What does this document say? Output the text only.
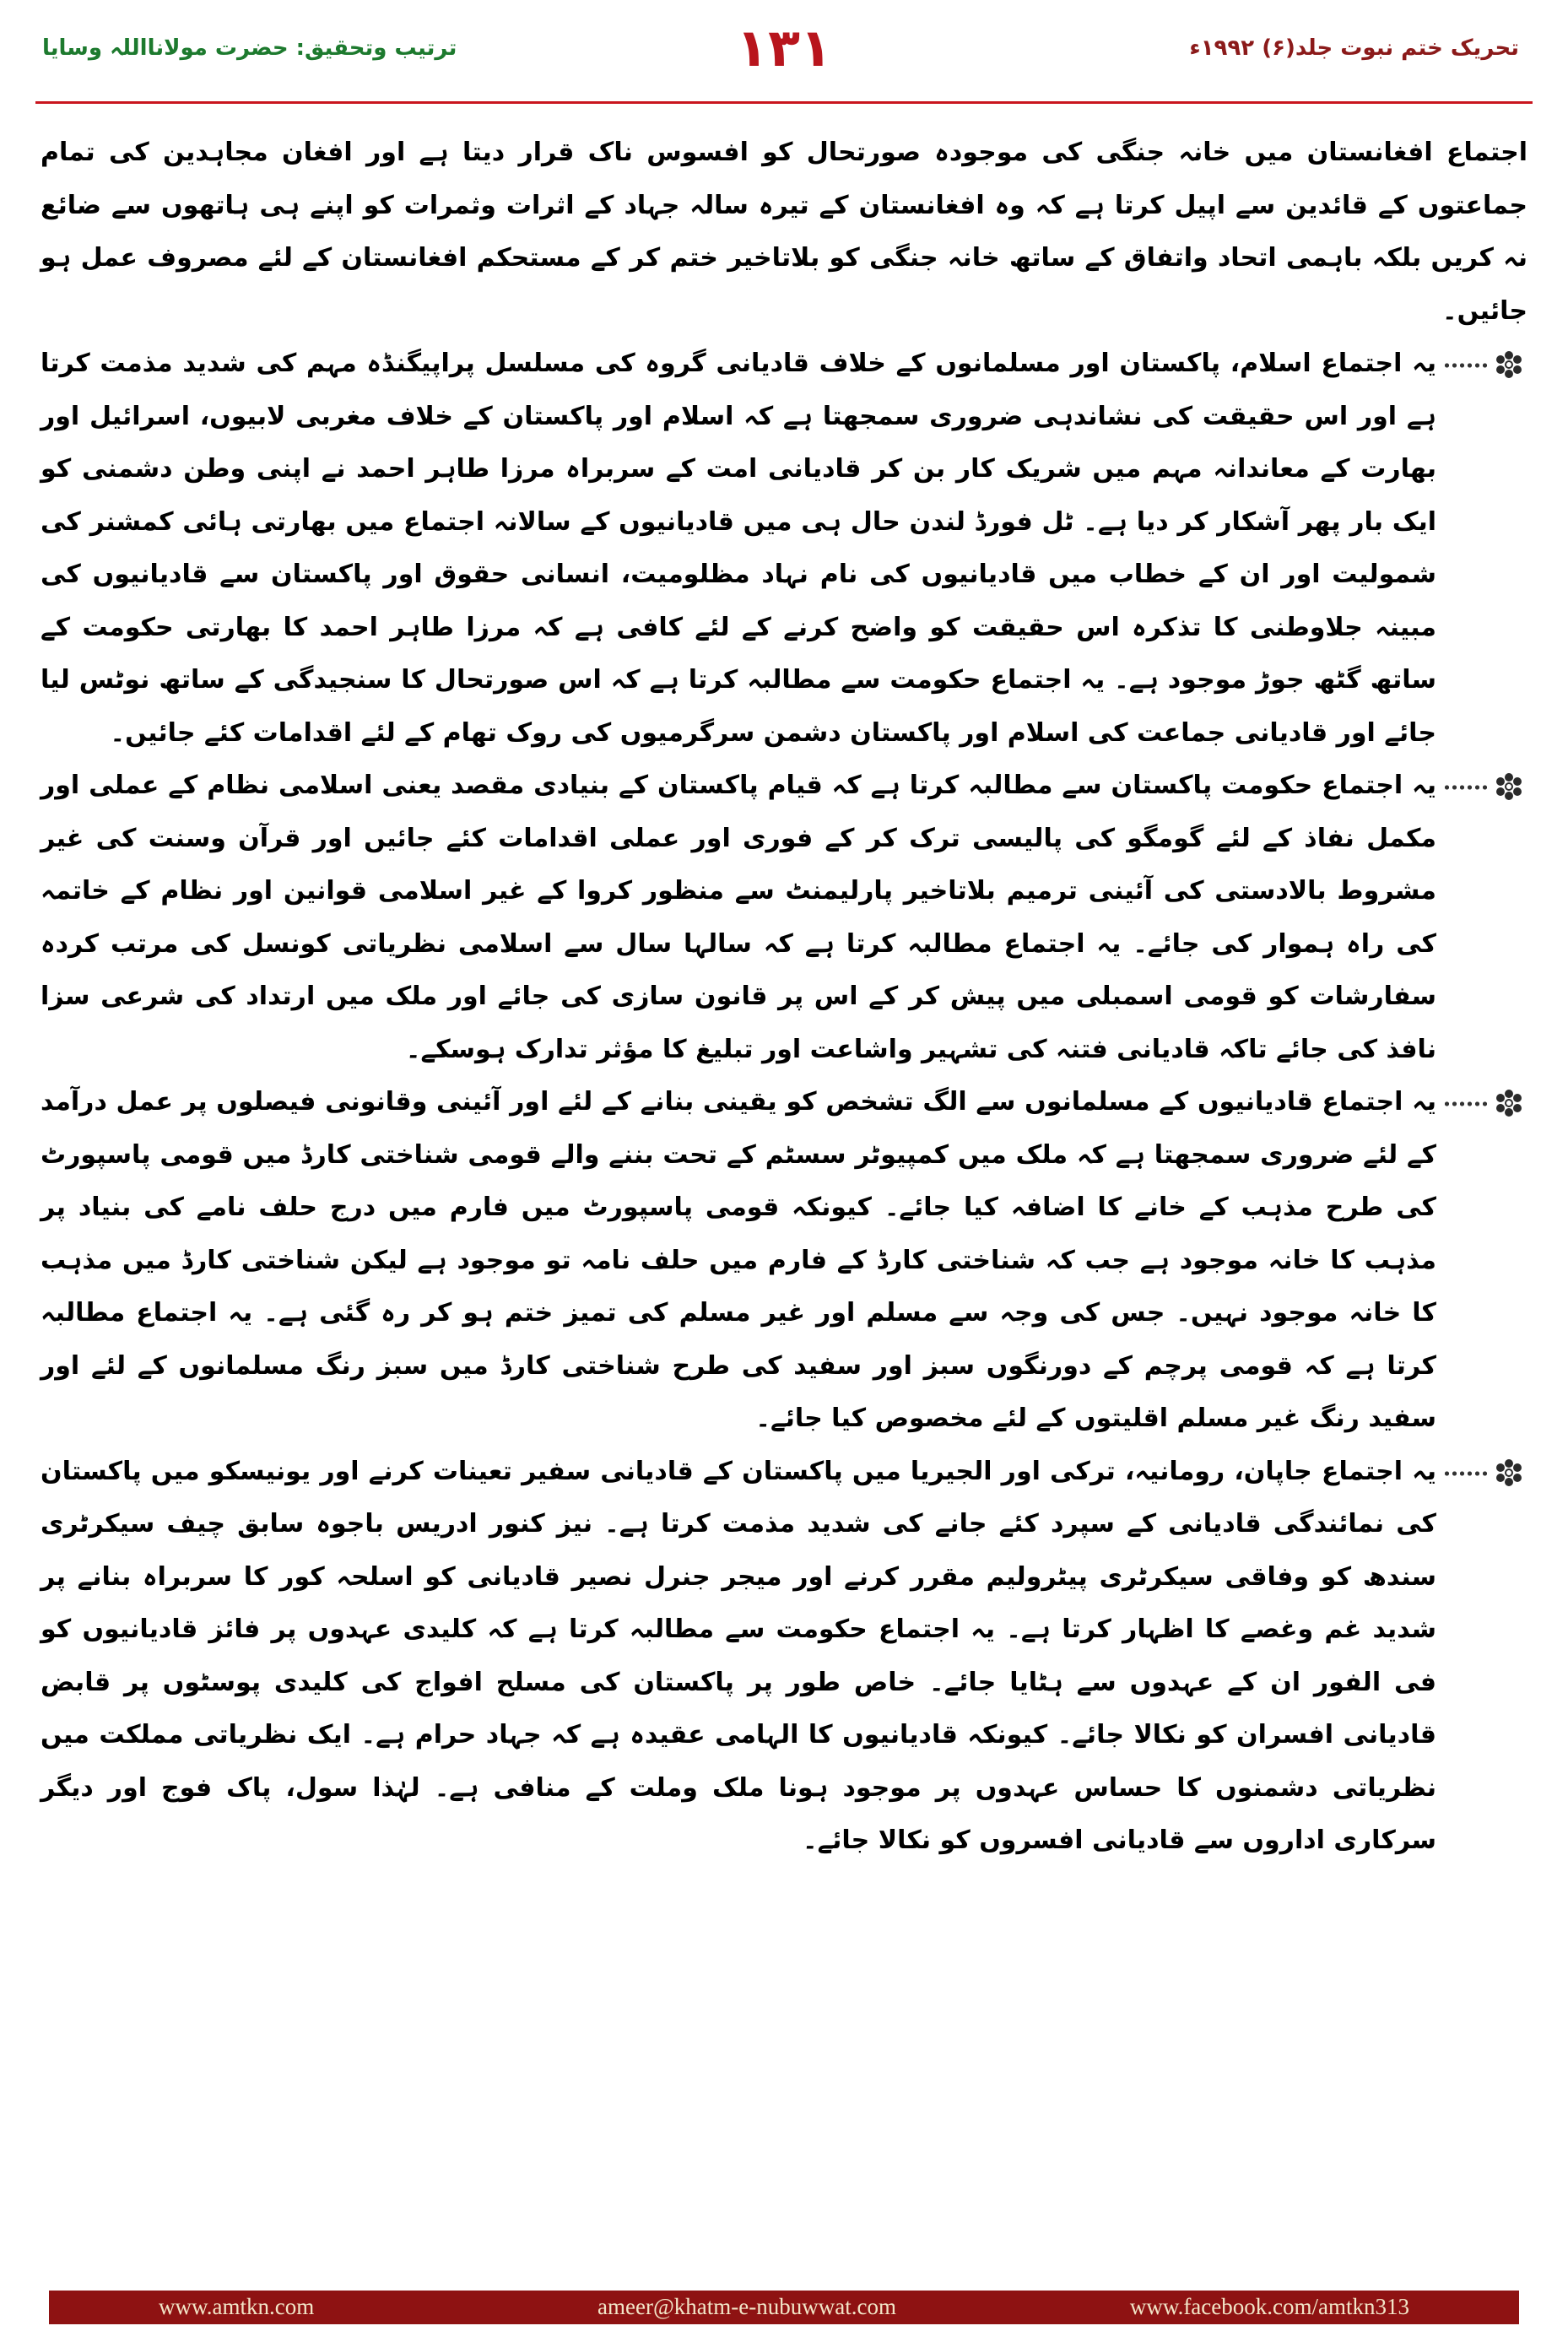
تحریک ختم نبوت جلد(۶) ۱۹۹۲ء
۱۳۱
ترتیب وتحقیق: حضرت مولانااللہ وسایا
اجتماع افغانستان میں خانہ جنگی کی موجودہ صورتحال کو افسوس ناک قرار دیتا ہے اور افغان مجاہدین کی تمام جماعتوں کے قائدین سے اپیل کرتا ہے کہ وہ افغانستان کے تیرہ سالہ جہاد کے اثرات وثمرات کو اپنے ہی ہاتھوں سے ضائع نہ کریں بلکہ باہمی اتحاد واتفاق کے ساتھ خانہ جنگی کو بلاتاخیر ختم کر کے مستحکم افغانستان کے لئے مصروف عمل ہو جائیں۔
یہ اجتماع اسلام، پاکستان اور مسلمانوں کے خلاف قادیانی گروہ کی مسلسل پراپیگنڈہ مہم کی شدید مذمت کرتا ہے اور اس حقیقت کی نشاندہی ضروری سمجھتا ہے کہ اسلام اور پاکستان کے خلاف مغربی لابیوں، اسرائیل اور بھارت کے معاندانہ مہم میں شریک کار بن کر قادیانی امت کے سربراہ مرزا طاہر احمد نے اپنی وطن دشمنی کو ایک بار پھر آشکار کر دیا ہے۔ ٹل فورڈ لندن حال ہی میں قادیانیوں کے سالانہ اجتماع میں بھارتی ہائی کمشنر کی شمولیت اور ان کے خطاب میں قادیانیوں کی نام نہاد مظلومیت، انسانی حقوق اور پاکستان سے قادیانیوں کی مبینہ جلاوطنی کا تذکرہ اس حقیقت کو واضح کرنے کے لئے کافی ہے کہ مرزا طاہر احمد کا بھارتی حکومت کے ساتھ گٹھ جوڑ موجود ہے۔ یہ اجتماع حکومت سے مطالبہ کرتا ہے کہ اس صورتحال کا سنجیدگی کے ساتھ نوٹس لیا جائے اور قادیانی جماعت کی اسلام اور پاکستان دشمن سرگرمیوں کی روک تھام کے لئے اقدامات کئے جائیں۔
یہ اجتماع حکومت پاکستان سے مطالبہ کرتا ہے کہ قیام پاکستان کے بنیادی مقصد یعنی اسلامی نظام کے عملی اور مکمل نفاذ کے لئے گومگو کی پالیسی ترک کر کے فوری اور عملی اقدامات کئے جائیں اور قرآن وسنت کی غیر مشروط بالادستی کی آئینی ترمیم بلاتاخیر پارلیمنٹ سے منظور کروا کے غیر اسلامی قوانین اور نظام کے خاتمہ کی راہ ہموار کی جائے۔ یہ اجتماع مطالبہ کرتا ہے کہ سالہا سال سے اسلامی نظریاتی کونسل کی مرتب کردہ سفارشات کو قومی اسمبلی میں پیش کر کے اس پر قانون سازی کی جائے اور ملک میں ارتداد کی شرعی سزا نافذ کی جائے تاکہ قادیانی فتنہ کی تشہیر واشاعت اور تبلیغ کا مؤثر تدارک ہوسکے۔
یہ اجتماع قادیانیوں کے مسلمانوں سے الگ تشخص کو یقینی بنانے کے لئے اور آئینی وقانونی فیصلوں پر عمل درآمد کے لئے ضروری سمجھتا ہے کہ ملک میں کمپیوٹر سسٹم کے تحت بننے والے قومی شناختی کارڈ میں قومی پاسپورٹ کی طرح مذہب کے خانے کا اضافہ کیا جائے۔ کیونکہ قومی پاسپورٹ میں فارم میں درج حلف نامے کی بنیاد پر مذہب کا خانہ موجود ہے جب کہ شناختی کارڈ کے فارم میں حلف نامہ تو موجود ہے لیکن شناختی کارڈ میں مذہب کا خانہ موجود نہیں۔ جس کی وجہ سے مسلم اور غیر مسلم کی تمیز ختم ہو کر رہ گئی ہے۔ یہ اجتماع مطالبہ کرتا ہے کہ قومی پرچم کے دورنگوں سبز اور سفید کی طرح شناختی کارڈ میں سبز رنگ مسلمانوں کے لئے اور سفید رنگ غیر مسلم اقلیتوں کے لئے مخصوص کیا جائے۔
یہ اجتماع جاپان، رومانیہ، ترکی اور الجیریا میں پاکستان کے قادیانی سفیر تعینات کرنے اور یونیسکو میں پاکستان کی نمائندگی قادیانی کے سپرد کئے جانے کی شدید مذمت کرتا ہے۔ نیز کنور ادریس باجوہ سابق چیف سیکرٹری سندھ کو وفاقی سیکرٹری پیٹرولیم مقرر کرنے اور میجر جنرل نصیر قادیانی کو اسلحہ کور کا سربراہ بنانے پر شدید غم وغصے کا اظہار کرتا ہے۔ یہ اجتماع حکومت سے مطالبہ کرتا ہے کہ کلیدی عہدوں پر فائز قادیانیوں کو فی الفور ان کے عہدوں سے ہٹایا جائے۔ خاص طور پر پاکستان کی مسلح افواج کی کلیدی پوسٹوں پر قابض قادیانی افسران کو نکالا جائے۔ کیونکہ قادیانیوں کا الہامی عقیدہ ہے کہ جہاد حرام ہے۔ ایک نظریاتی مملکت میں نظریاتی دشمنوں کا حساس عہدوں پر موجود ہونا ملک وملت کے منافی ہے۔ لہٰذا سول، پاک فوج اور دیگر سرکاری اداروں سے قادیانی افسروں کو نکالا جائے۔
www.amtkn.com	ameer@khatm-e-nubuwwat.com	www.facebook.com/amtkn313
